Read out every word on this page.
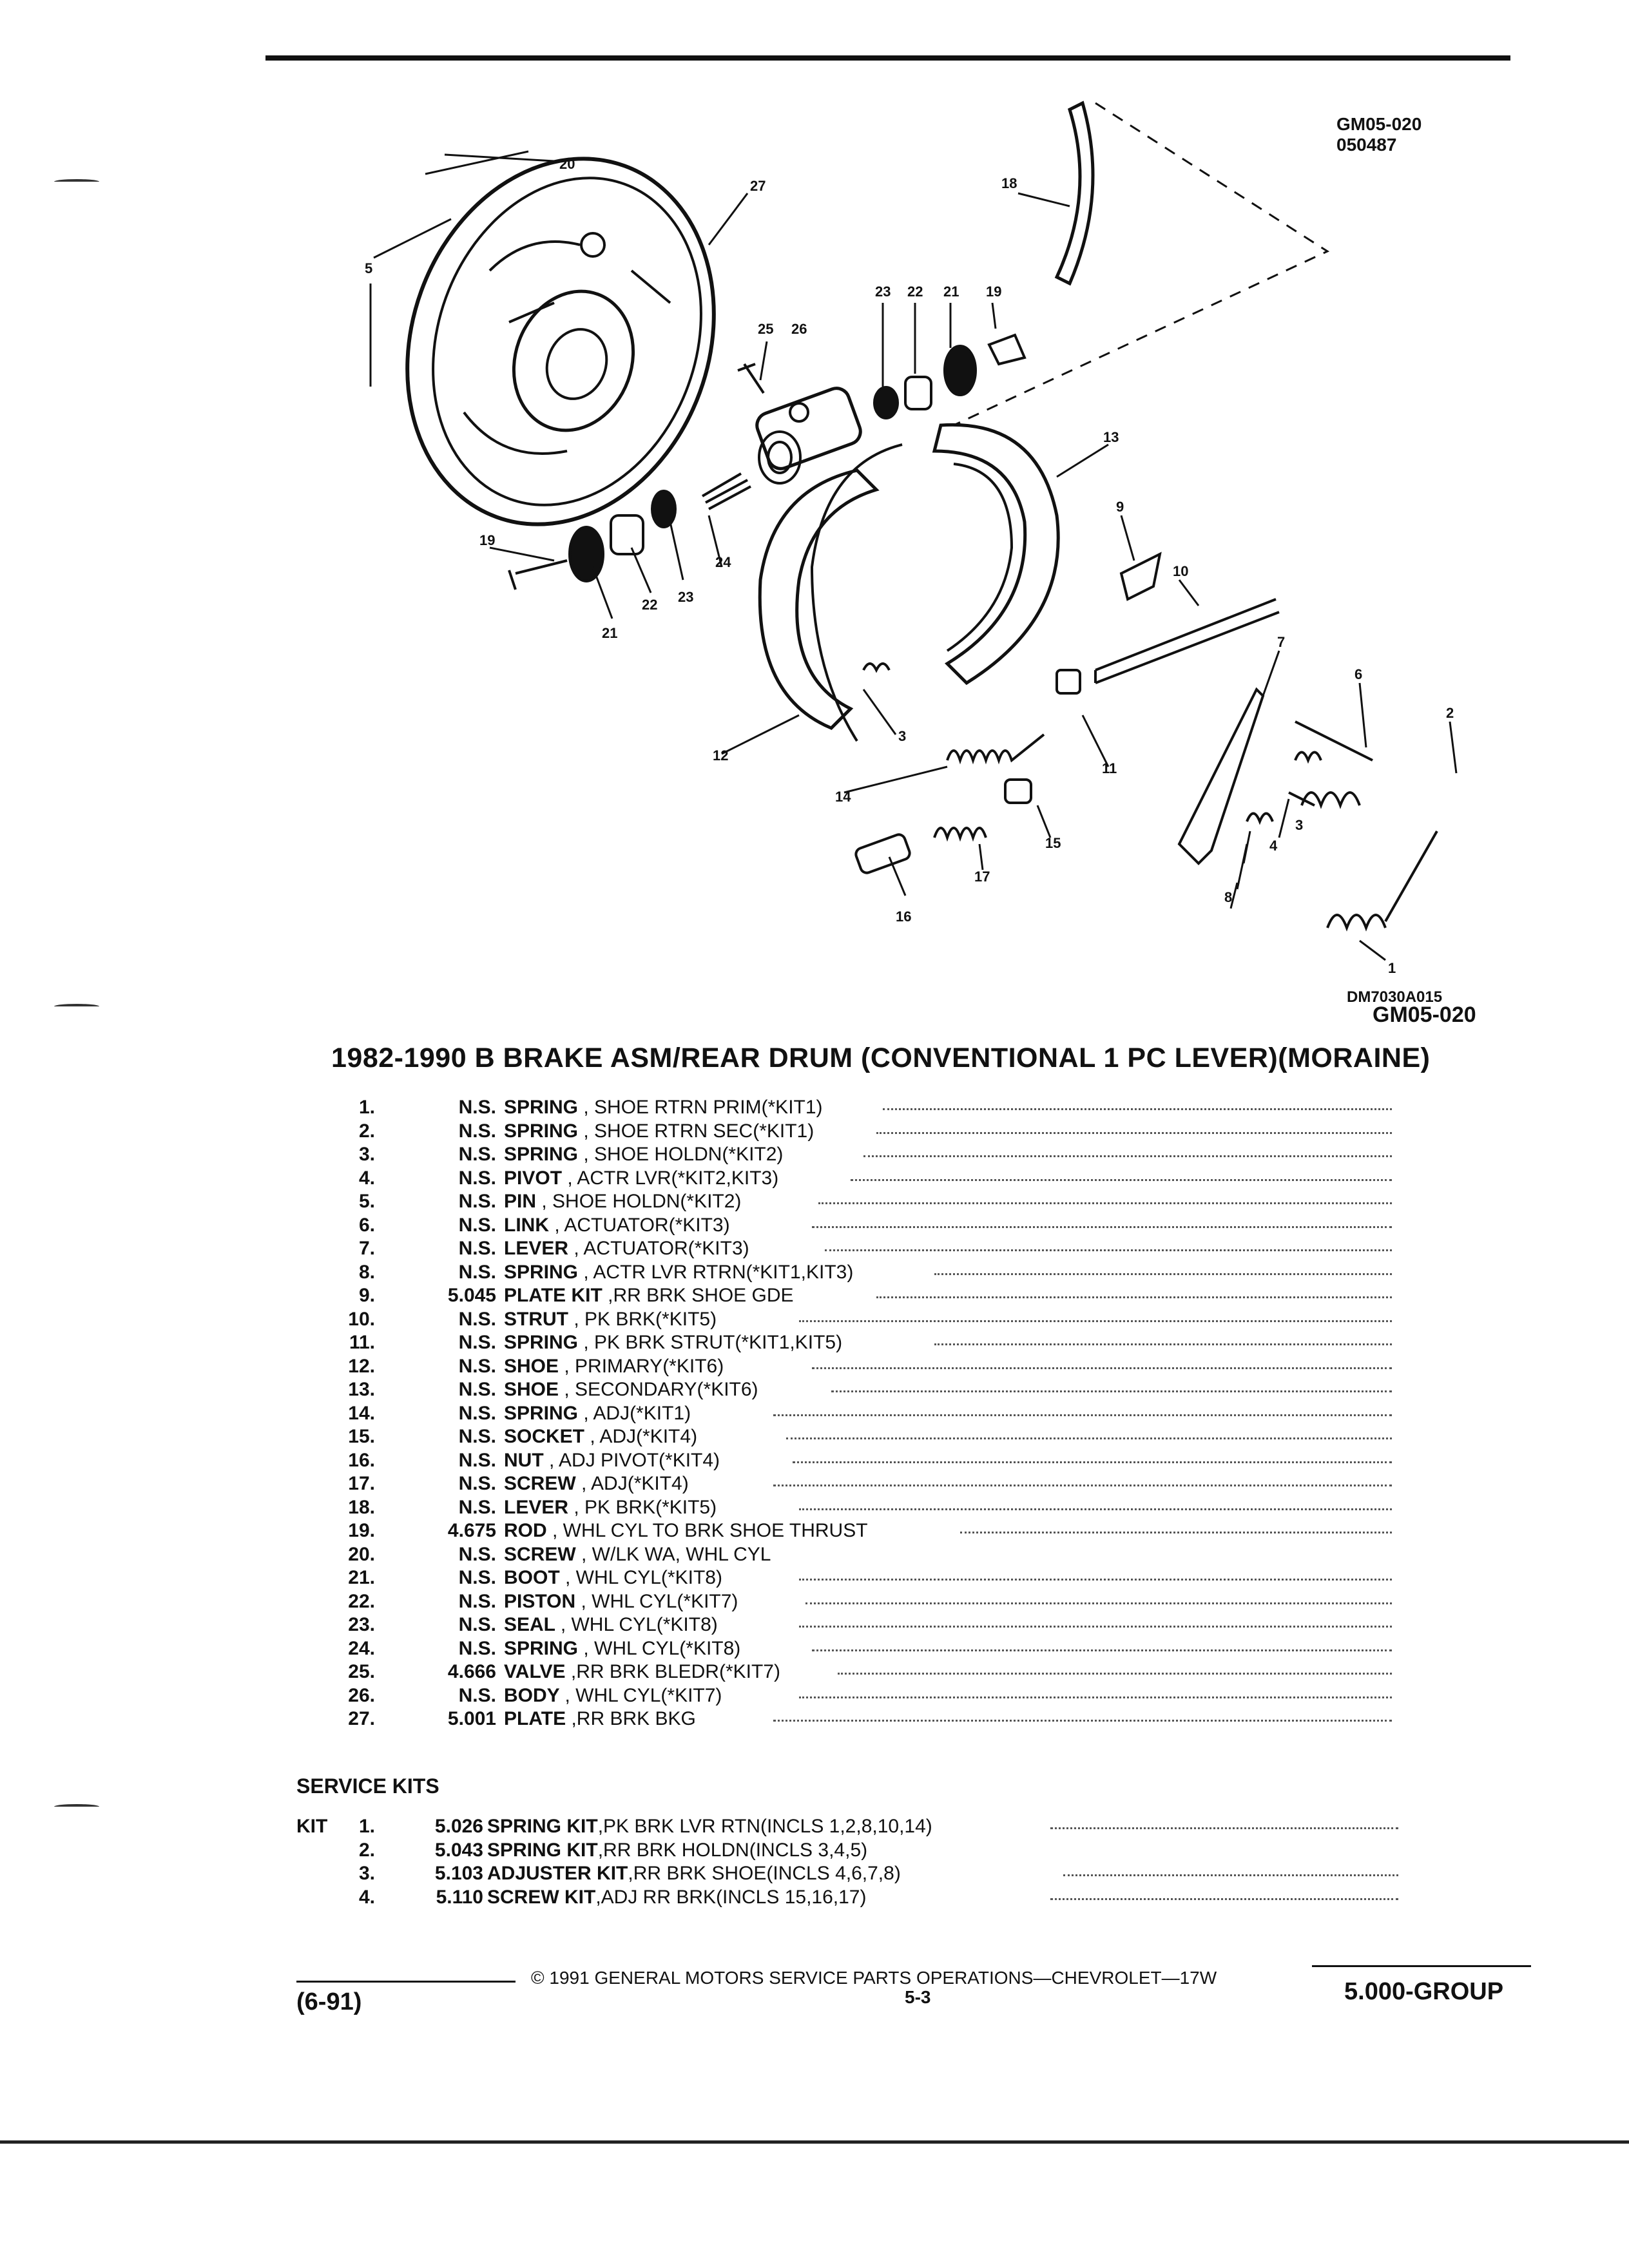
GM05-020
050487
DM7030A015
GM05-020
20
27
5
18
23 22 21 19
25 26
13
9
10
7
6
2
4
3
8
1
11
3
12
14
15
17
16
24
19
21
22 23
1982-1990 B BRAKE ASM/REAR DRUM (CONVENTIONAL 1 PC LEVER)(MORAINE)
1.	N.S. SPRING , SHOE RTRN PRIM(*KIT1)
2.	N.S. SPRING , SHOE RTRN SEC(*KIT1)
3.	N.S. SPRING , SHOE HOLDN(*KIT2)
4.	N.S. PIVOT , ACTR LVR(*KIT2,KIT3)
5.	N.S. PIN , SHOE HOLDN(*KIT2)
6.	N.S. LINK , ACTUATOR(*KIT3)
7.	N.S. LEVER , ACTUATOR(*KIT3)
8.	N.S. SPRING , ACTR LVR RTRN(*KIT1,KIT3)
9.	5.045 PLATE KIT ,RR BRK SHOE GDE
10.	N.S. STRUT , PK BRK(*KIT5)
11.	N.S. SPRING , PK BRK STRUT(*KIT1,KIT5)
12.	N.S. SHOE , PRIMARY(*KIT6)
13.	N.S. SHOE , SECONDARY(*KIT6)
14.	N.S. SPRING , ADJ(*KIT1)
15.	N.S. SOCKET , ADJ(*KIT4)
16.	N.S. NUT , ADJ PIVOT(*KIT4)
17.	N.S. SCREW , ADJ(*KIT4)
18.	N.S. LEVER , PK BRK(*KIT5)
19.	4.675 ROD , WHL CYL TO BRK SHOE THRUST
20.	N.S. SCREW , W/LK WA, WHL CYL
21.	N.S. BOOT , WHL CYL(*KIT8)
22.	N.S. PISTON , WHL CYL(*KIT7)
23.	N.S. SEAL , WHL CYL(*KIT8)
24.	N.S. SPRING , WHL CYL(*KIT8)
25.	4.666 VALVE ,RR BRK BLEDR(*KIT7)
26.	N.S. BODY , WHL CYL(*KIT7)
27.	5.001 PLATE ,RR BRK BKG
SERVICE KITS
KIT	1.	5.026 SPRING KIT,PK BRK LVR RTN(INCLS 1,2,8,10,14)
2.	5.043 SPRING KIT,RR BRK HOLDN(INCLS 3,4,5)
3.	5.103 ADJUSTER KIT,RR BRK SHOE(INCLS 4,6,7,8)
4.	5.110 SCREW KIT,ADJ RR BRK(INCLS 15,16,17)
© 1991 GENERAL MOTORS SERVICE PARTS OPERATIONS—CHEVROLET—17W
(6-91)	5-3	5.000-GROUP
